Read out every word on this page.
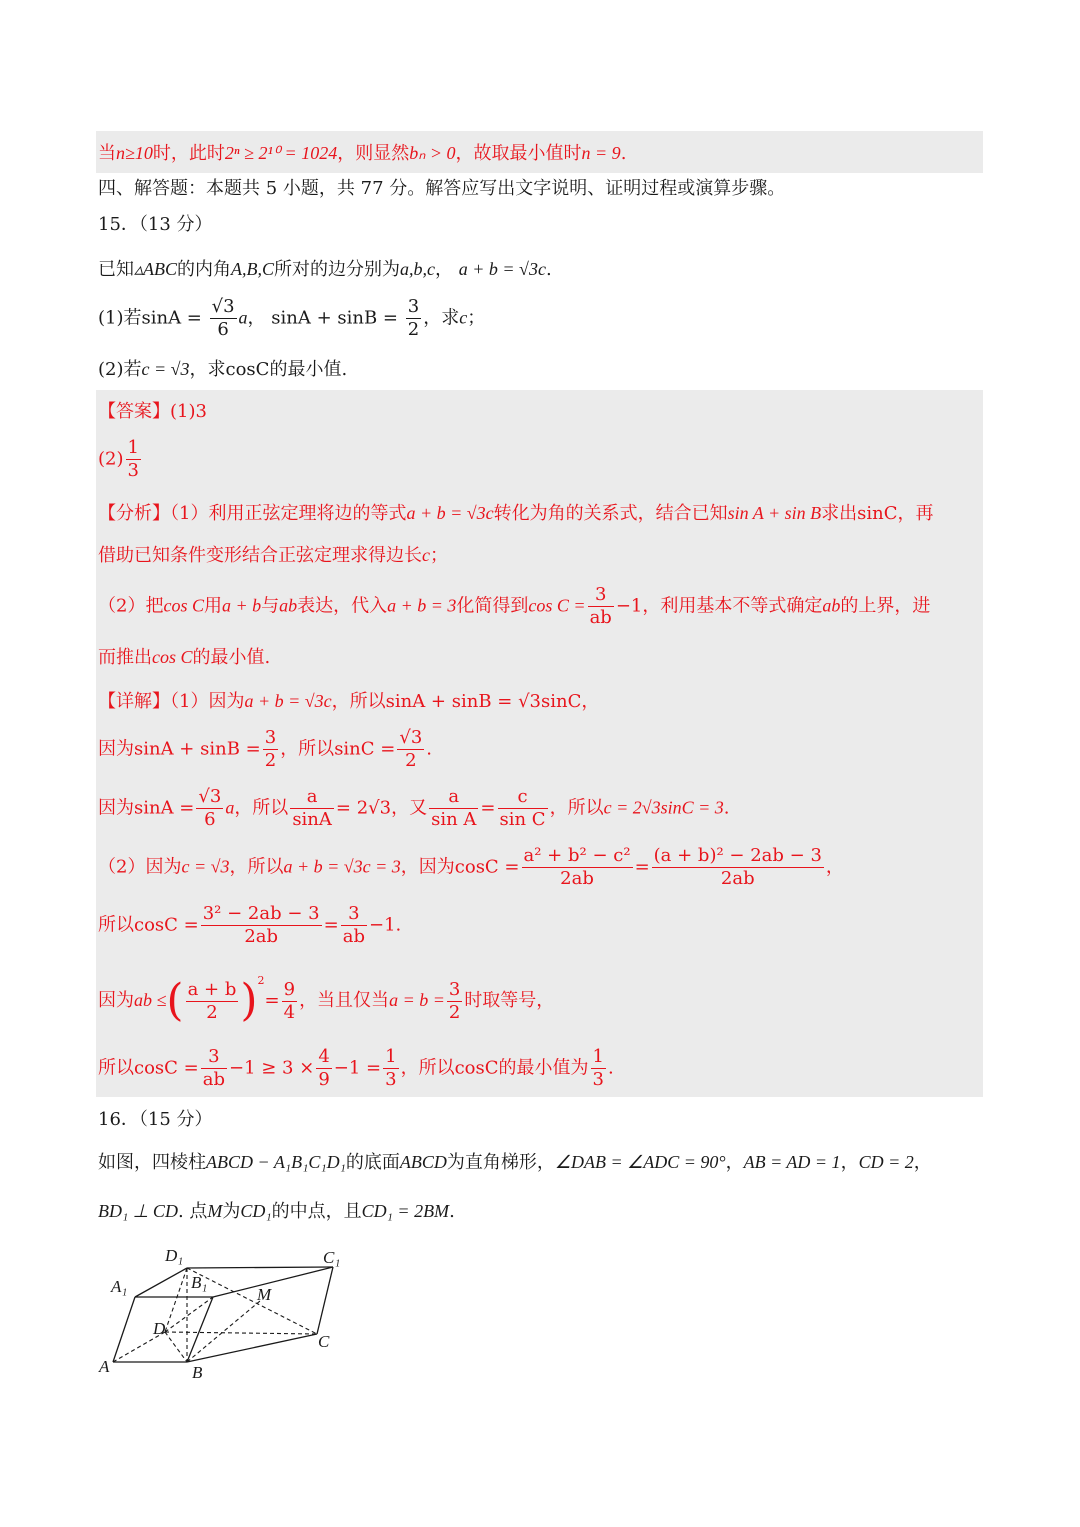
当n≥10时，此时2ⁿ ≥ 2¹⁰ = 1024，则显然bₙ > 0，故取最小值时n = 9.
四、解答题：本题共 5 小题，共 77 分。解答应写出文字说明、证明过程或演算步骤。
15．（13 分）
已知▵ABC的内角A,B,C所对的边分别为a,b,c， a + b = √3c.
(1)若$\sin A = \frac{√3}{6}$ a， $\sin A + \sin B = \frac{3}{2}$ ，求c；
(2)若c = √3，求cosC的最小值.
【答案】(1)3
$(2) \frac{1}{3}$
【分析】（1）利用正弦定理将边的等式a + b = √3c转化为角的关系式，结合已知sin A + sin B求出sinC，再
借助已知条件变形结合正弦定理求得边长c；
（2）把cos C用a + b与ab表达，代入a + b = 3化简得到$\cos C = \frac{3}{ab} -1$，利用基本不等式确定ab的上界，进
而推出cos C的最小值.
【详解】（1）因为a + b = √3c，所以sinA + sinB = √3sinC，
因为$\sin A + \sin B = \frac{3}{2}$ ，所以$\sin C = \frac{√3}{2}$ .
因为$\sin A = \frac{√3}{6}$ a，所以 $\frac{a}{\sin A} = 2√3$，又 $\frac{a}{\text{sin A}} = \frac{c}{\text{sin C}}$ ，所以c = 2√3sinC = 3.
（2）因为c = √3，所以a + b = √3c = 3，因为$\cos C = \frac{\text{a² + b² − c²}}{2ab} = \frac{\text{(a + b)² − 2ab − 3}}{2ab}$ ，
所以$\cos C = \frac{\text{3² − 2ab − 3}}{2ab} = \frac{3}{ab} -1$.
因为ab ≤( $\frac{a + b}{2} )^2= \frac{9}{4}$ ，当且仅当$a = b = \frac{3}{2}$ 时取等号，
所以$\cos C = \frac{3}{ab} -1 \ge 3 \times \frac{4}{9} -1 = \frac{1}{3}$ ，所以cosC的最小值为 $\frac{1}{3}$ .
16．（15 分）
如图，四棱柱ABCD − A₁B₁C₁D₁的底面ABCD为直角梯形，∠DAB = ∠ADC = 90°，AB = AD = 1，CD = 2，
BD₁ ⊥ CD. 点M为CD₁的中点，且CD₁ = 2BM.
D₁	C₁
A₁	B₁
M
D
C
A	B
